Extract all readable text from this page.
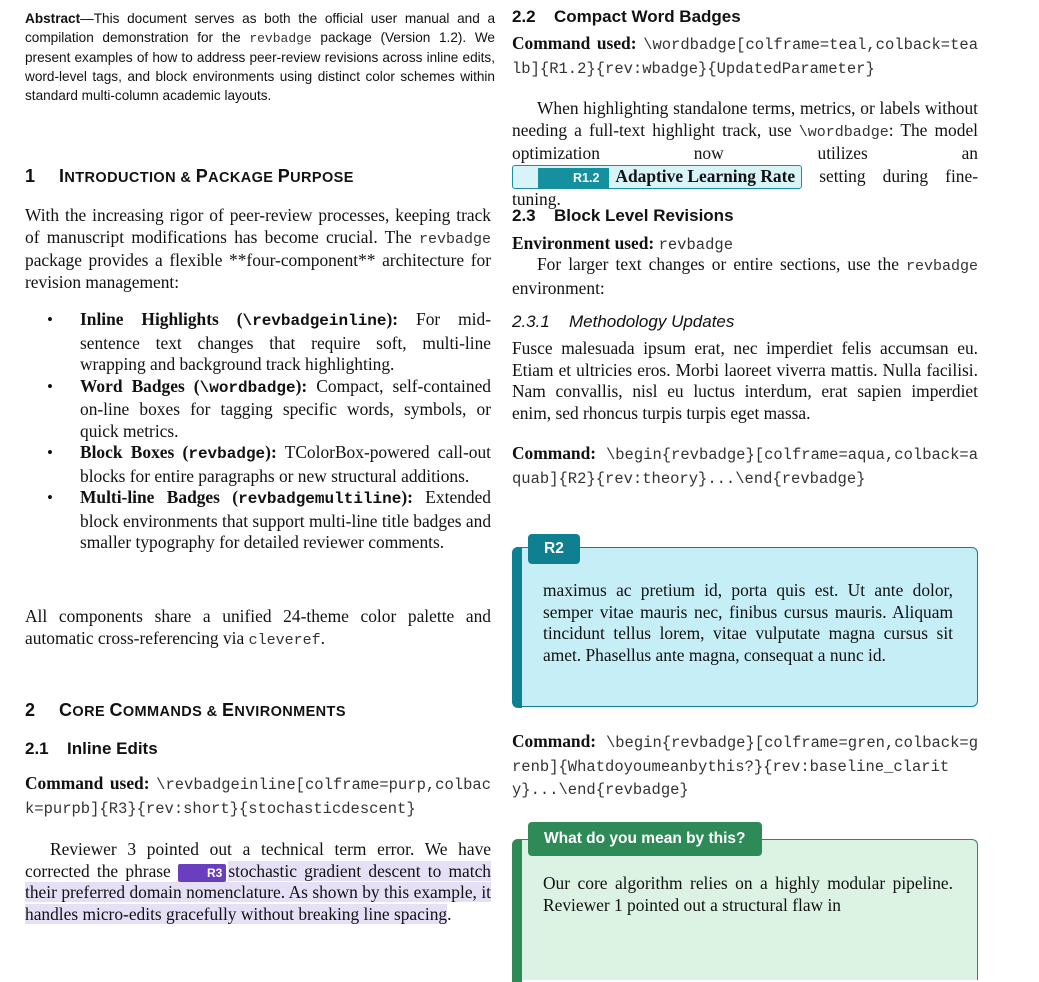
Abstract—This document serves as both the official user manual and a compilation demonstration for the revbadge package (Version 1.2). We present examples of how to address peer-review revisions across inline edits, word-level tags, and block environments using distinct color schemes within standard multi-column academic layouts.
1 INTRODUCTION & PACKAGE PURPOSE

With the increasing rigor of peer-review processes, keeping track of manuscript modifications has become crucial. The revbadge package provides a flexible **four-component** architecture for revision management:

• Inline Highlights (\revbadgeinline): For mid-sentence text changes that require soft, multi-line wrapping and background track highlighting.
• Word Badges (\wordbadge): Compact, self-contained on-line boxes for tagging specific words, symbols, or quick metrics.
• Block Boxes (revbadge): TColorBox-powered call-out blocks for entire paragraphs or new structural additions.
• Multi-line Badges (revbadgemultiline): Extended block environments that support multi-line title badges and smaller typography for detailed reviewer comments.

All components share a unified 24-theme color palette and automatic cross-referencing via cleveref.

2 CORE COMMANDS & ENVIRONMENTS
2.1 Inline Edits

Command used: \revbadgeinline[colframe=purp,colback=purpb]{R3}{rev:short}{stochasticdescent}

Reviewer 3 pointed out a technical term error. We have corrected the phrase R3 stochastic gradient descent to match their preferred domain nomenclature. As shown by this example, it handles micro-edits gracefully without breaking line spacing.

2.2 Compact Word Badges

Command used: \wordbadge[colframe=teal,colback=tealb]{R1.2}{rev:wbadge}{UpdatedParameter}

When highlighting standalone terms, metrics, or labels without needing a full-text highlight track, use \wordbadge: The model optimization now utilizes an R1.2 Adaptive Learning Rate setting during fine-tuning.

2.3 Block Level Revisions

Environment used: revbadge

For larger text changes or entire sections, use the revbadge environment:

2.3.1 Methodology Updates

Fusce malesuada ipsum erat, nec imperdiet felis accumsan eu. Etiam et ultricies eros. Morbi laoreet viverra mattis. Nulla facilisi. Nam convallis, nisl eu luctus interdum, erat sapien imperdiet enim, sed rhoncus turpis turpis eget massa.

Command: \begin{revbadge}[colframe=aqua,colback=aquab]{R2}{rev:theory}...\end{revbadge}

R2
maximus ac pretium id, porta quis est. Ut ante dolor, semper vitae mauris nec, finibus cursus mauris. Aliquam tincidunt tellus lorem, vitae vulputate magna cursus sit amet. Phasellus ante magna, consequat a nunc id.

Command: \begin{revbadge}[colframe=gren,colback=grenb]{Whatdoyoumeanbythis?}{rev:baseline_clarity}...\end{revbadge}

What do you mean by this?
Our core algorithm relies on a highly modular pipeline. Reviewer 1 pointed out a structural flaw in
